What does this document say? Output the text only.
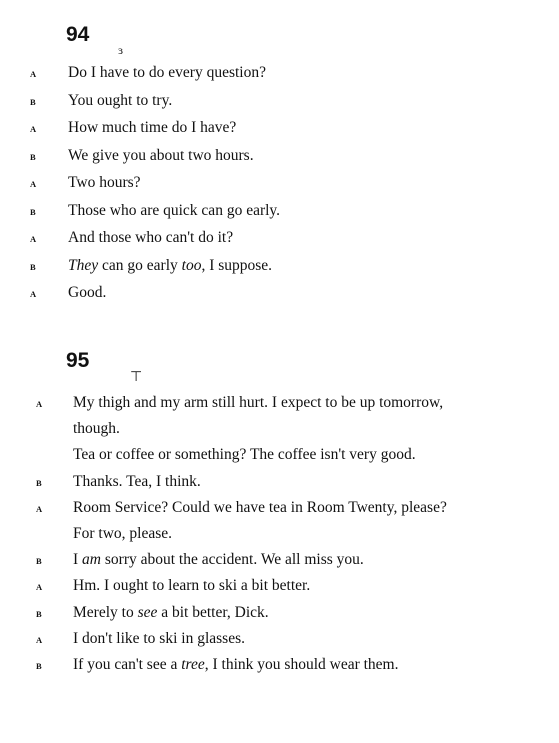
94
ɜ
A Do I have to do every question?
B You ought to try.
A How much time do I have?
B We give you about two hours.
A Two hours?
B Those who are quick can go early.
A And those who can't do it?
B They can go early too, I suppose.
A Good.
95
⊤
A My thigh and my arm still hurt. I expect to be up tomorrow,
though.
Tea or coffee or something? The coffee isn't very good.
B Thanks. Tea, I think.
A Room Service? Could we have tea in Room Twenty, please?
For two, please.
B I am sorry about the accident. We all miss you.
A Hm. I ought to learn to ski a bit better.
B Merely to see a bit better, Dick.
A I don't like to ski in glasses.
B If you can't see a tree, I think you should wear them.
